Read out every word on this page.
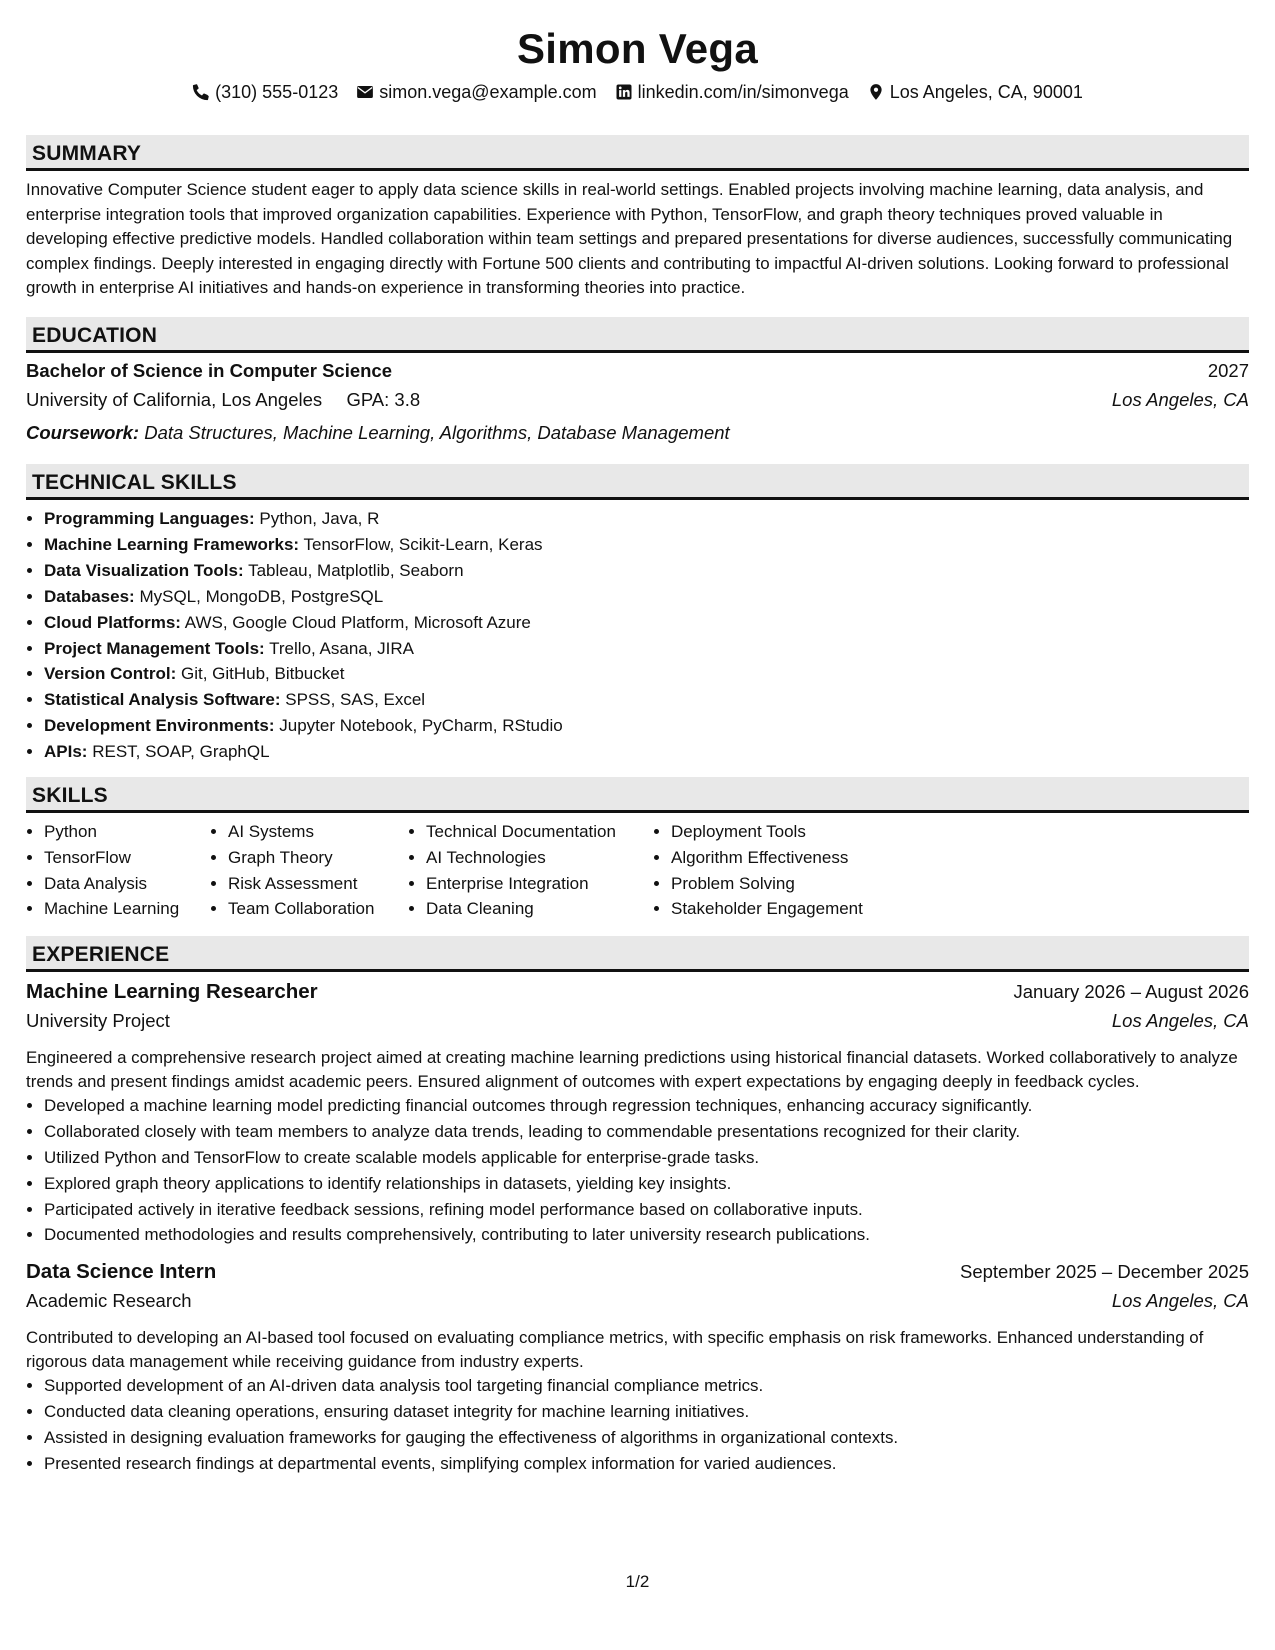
Simon Vega
(310) 555-0123 simon.vega@example.com linkedin.com/in/simonvega Los Angeles, CA, 90001
SUMMARY
Innovative Computer Science student eager to apply data science skills in real-world settings. Enabled projects involving machine learning, data analysis, and enterprise integration tools that improved organization capabilities. Experience with Python, TensorFlow, and graph theory techniques proved valuable in developing effective predictive models. Handled collaboration within team settings and prepared presentations for diverse audiences, successfully communicating complex findings. Deeply interested in engaging directly with Fortune 500 clients and contributing to impactful AI-driven solutions. Looking forward to professional growth in enterprise AI initiatives and hands-on experience in transforming theories into practice.
EDUCATION
Bachelor of Science in Computer Science	2027
University of California, Los Angeles GPA: 3.8	Los Angeles, CA
Coursework: Data Structures, Machine Learning, Algorithms, Database Management
TECHNICAL SKILLS
• Programming Languages: Python, Java, R
• Machine Learning Frameworks: TensorFlow, Scikit-Learn, Keras
• Data Visualization Tools: Tableau, Matplotlib, Seaborn
• Databases: MySQL, MongoDB, PostgreSQL
• Cloud Platforms: AWS, Google Cloud Platform, Microsoft Azure
• Project Management Tools: Trello, Asana, JIRA
• Version Control: Git, GitHub, Bitbucket
• Statistical Analysis Software: SPSS, SAS, Excel
• Development Environments: Jupyter Notebook, PyCharm, RStudio
• APIs: REST, SOAP, GraphQL
SKILLS
• Python
• TensorFlow
• Data Analysis
• Machine Learning
• AI Systems
• Graph Theory
• Risk Assessment
• Team Collaboration
• Technical Documentation
• AI Technologies
• Enterprise Integration
• Data Cleaning
• Deployment Tools
• Algorithm Effectiveness
• Problem Solving
• Stakeholder Engagement
EXPERIENCE
Machine Learning Researcher	January 2026 – August 2026
University Project	Los Angeles, CA
Engineered a comprehensive research project aimed at creating machine learning predictions using historical financial datasets. Worked collaboratively to analyze trends and present findings amidst academic peers. Ensured alignment of outcomes with expert expectations by engaging deeply in feedback cycles.
• Developed a machine learning model predicting financial outcomes through regression techniques, enhancing accuracy significantly.
• Collaborated closely with team members to analyze data trends, leading to commendable presentations recognized for their clarity.
• Utilized Python and TensorFlow to create scalable models applicable for enterprise-grade tasks.
• Explored graph theory applications to identify relationships in datasets, yielding key insights.
• Participated actively in iterative feedback sessions, refining model performance based on collaborative inputs.
• Documented methodologies and results comprehensively, contributing to later university research publications.
Data Science Intern	September 2025 – December 2025
Academic Research	Los Angeles, CA
Contributed to developing an AI-based tool focused on evaluating compliance metrics, with specific emphasis on risk frameworks. Enhanced understanding of rigorous data management while receiving guidance from industry experts.
• Supported development of an AI-driven data analysis tool targeting financial compliance metrics.
• Conducted data cleaning operations, ensuring dataset integrity for machine learning initiatives.
• Assisted in designing evaluation frameworks for gauging the effectiveness of algorithms in organizational contexts.
• Presented research findings at departmental events, simplifying complex information for varied audiences.
1/2
